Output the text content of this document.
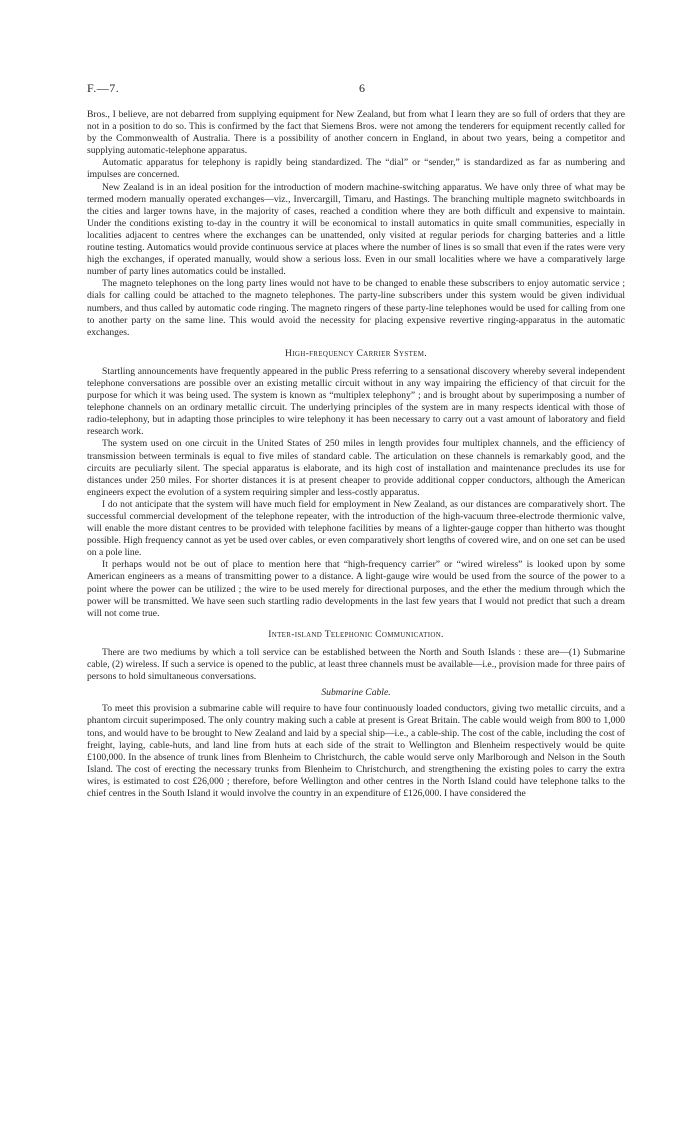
F.—7.	6

Bros., I believe, are not debarred from supplying equipment for New Zealand, but from what I learn they are so full of orders that they are not in a position to do so. This is confirmed by the fact that Siemens Bros. were not among the tenderers for equipment recently called for by the Commonwealth of Australia. There is a possibility of another concern in England, in about two years, being a competitor and supplying automatic-telephone apparatus.

Automatic apparatus for telephony is rapidly being standardized. The “dial” or “sender,” is standardized as far as numbering and impulses are concerned.

New Zealand is in an ideal position for the introduction of modern machine-switching apparatus. We have only three of what may be termed modern manually operated exchanges—viz., Invercargill, Timaru, and Hastings. The branching multiple magneto switchboards in the cities and larger towns have, in the majority of cases, reached a condition where they are both difficult and expensive to maintain. Under the conditions existing to-day in the country it will be economical to install automatics in quite small communities, especially in localities adjacent to centres where the exchanges can be unattended, only visited at regular periods for charging batteries and a little routine testing. Automatics would provide continuous service at places where the number of lines is so small that even if the rates were very high the exchanges, if operated manually, would show a serious loss. Even in our small localities where we have a comparatively large number of party lines automatics could be installed.

The magneto telephones on the long party lines would not have to be changed to enable these subscribers to enjoy automatic service ; dials for calling could be attached to the magneto telephones. The party-line subscribers under this system would be given individual numbers, and thus called by automatic code ringing. The magneto ringers of these party-line telephones would be used for calling from one to another party on the same line. This would avoid the necessity for placing expensive revertive ringing-apparatus in the automatic exchanges.

High-frequency Carrier System.

Startling announcements have frequently appeared in the public Press referring to a sensational discovery whereby several independent telephone conversations are possible over an existing metallic circuit without in any way impairing the efficiency of that circuit for the purpose for which it was being used. The system is known as “multiplex telephony” ; and is brought about by superimposing a number of telephone channels on an ordinary metallic circuit. The underlying principles of the system are in many respects identical with those of radio-telephony, but in adapting those principles to wire telephony it has been necessary to carry out a vast amount of laboratory and field research work.

The system used on one circuit in the United States of 250 miles in length provides four multiplex channels, and the efficiency of transmission between terminals is equal to five miles of standard cable. The articulation on these channels is remarkably good, and the circuits are peculiarly silent. The special apparatus is elaborate, and its high cost of installation and maintenance precludes its use for distances under 250 miles. For shorter distances it is at present cheaper to provide additional copper conductors, although the American engineers expect the evolution of a system requiring simpler and less-costly apparatus.

I do not anticipate that the system will have much field for employment in New Zealand, as our distances are comparatively short. The successful commercial development of the telephone repeater, with the introduction of the high-vacuum three-electrode thermionic valve, will enable the more distant centres to be provided with telephone facilities by means of a lighter-gauge copper than hitherto was thought possible. High frequency cannot as yet be used over cables, or even comparatively short lengths of covered wire, and on one set can be used on a pole line.

It perhaps would not be out of place to mention here that “high-frequency carrier” or “wired wireless” is looked upon by some American engineers as a means of transmitting power to a distance. A light-gauge wire would be used from the source of the power to a point where the power can be utilized ; the wire to be used merely for directional purposes, and the ether the medium through which the power will be transmitted. We have seen such startling radio developments in the last few years that I would not predict that such a dream will not come true.

Inter-island Telephonic Communication.

There are two mediums by which a toll service can be established between the North and South Islands : these are—(1) Submarine cable, (2) wireless. If such a service is opened to the public, at least three channels must be available—i.e., provision made for three pairs of persons to hold simultaneous conversations.

Submarine Cable.

To meet this provision a submarine cable will require to have four continuously loaded conductors, giving two metallic circuits, and a phantom circuit superimposed. The only country making such a cable at present is Great Britain. The cable would weigh from 800 to 1,000 tons, and would have to be brought to New Zealand and laid by a special ship—i.e., a cable-ship. The cost of the cable, including the cost of freight, laying, cable-huts, and land line from huts at each side of the strait to Wellington and Blenheim respectively would be quite £100,000. In the absence of trunk lines from Blenheim to Christchurch, the cable would serve only Marlborough and Nelson in the South Island. The cost of erecting the necessary trunks from Blenheim to Christchurch, and strengthening the existing poles to carry the extra wires, is estimated to cost £26,000 ; therefore, before Wellington and other centres in the North Island could have telephone talks to the chief centres in the South Island it would involve the country in an expenditure of £126,000. I have considered the
